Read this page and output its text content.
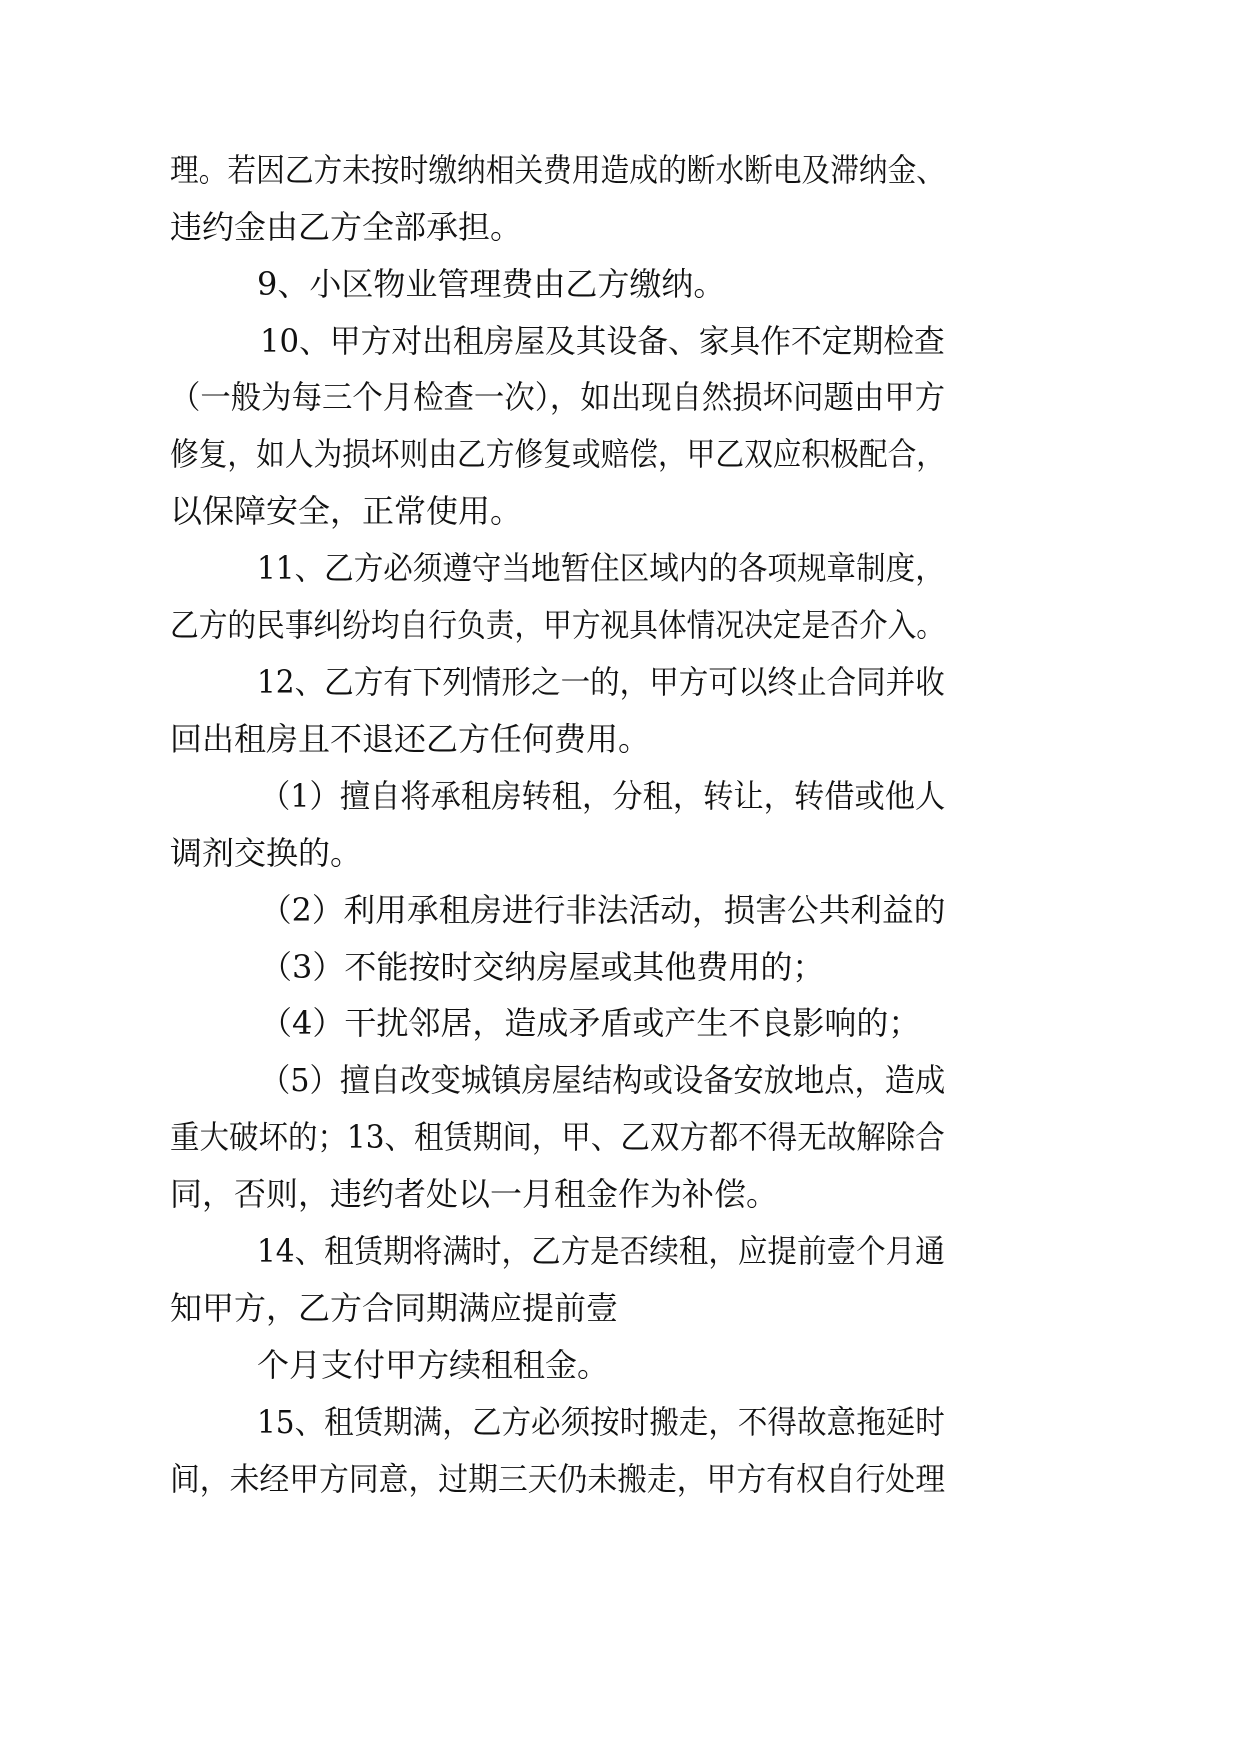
理。若因乙方未按时缴纳相关费用造成的断水断电及滞纳金、

违约金由乙方全部承担。

9、小区物业管理费由乙方缴纳。

10、甲方对出租房屋及其设备、家具作不定期检查

（一般为每三个月检查一次），如出现自然损坏问题由甲方

修复，如人为损坏则由乙方修复或赔偿，甲乙双应积极配合，

以保障安全，正常使用。

11、乙方必须遵守当地暂住区域内的各项规章制度，

乙方的民事纠纷均自行负责，甲方视具体情况决定是否介入。

12、乙方有下列情形之一的，甲方可以终止合同并收

回出租房且不退还乙方任何费用。

（1）擅自将承租房转租，分租，转让，转借或他人

调剂交换的。

（2）利用承租房进行非法活动，损害公共利益的

（3）不能按时交纳房屋或其他费用的；

（4）干扰邻居，造成矛盾或产生不良影响的；

（5）擅自改变城镇房屋结构或设备安放地点，造成

重大破坏的；13、租赁期间，甲、乙双方都不得无故解除合

同，否则，违约者处以一月租金作为补偿。

14、租赁期将满时，乙方是否续租，应提前壹个月通

知甲方，乙方合同期满应提前壹

个月支付甲方续租租金。

15、租赁期满，乙方必须按时搬走，不得故意拖延时

间，未经甲方同意，过期三天仍未搬走，甲方有权自行处理
